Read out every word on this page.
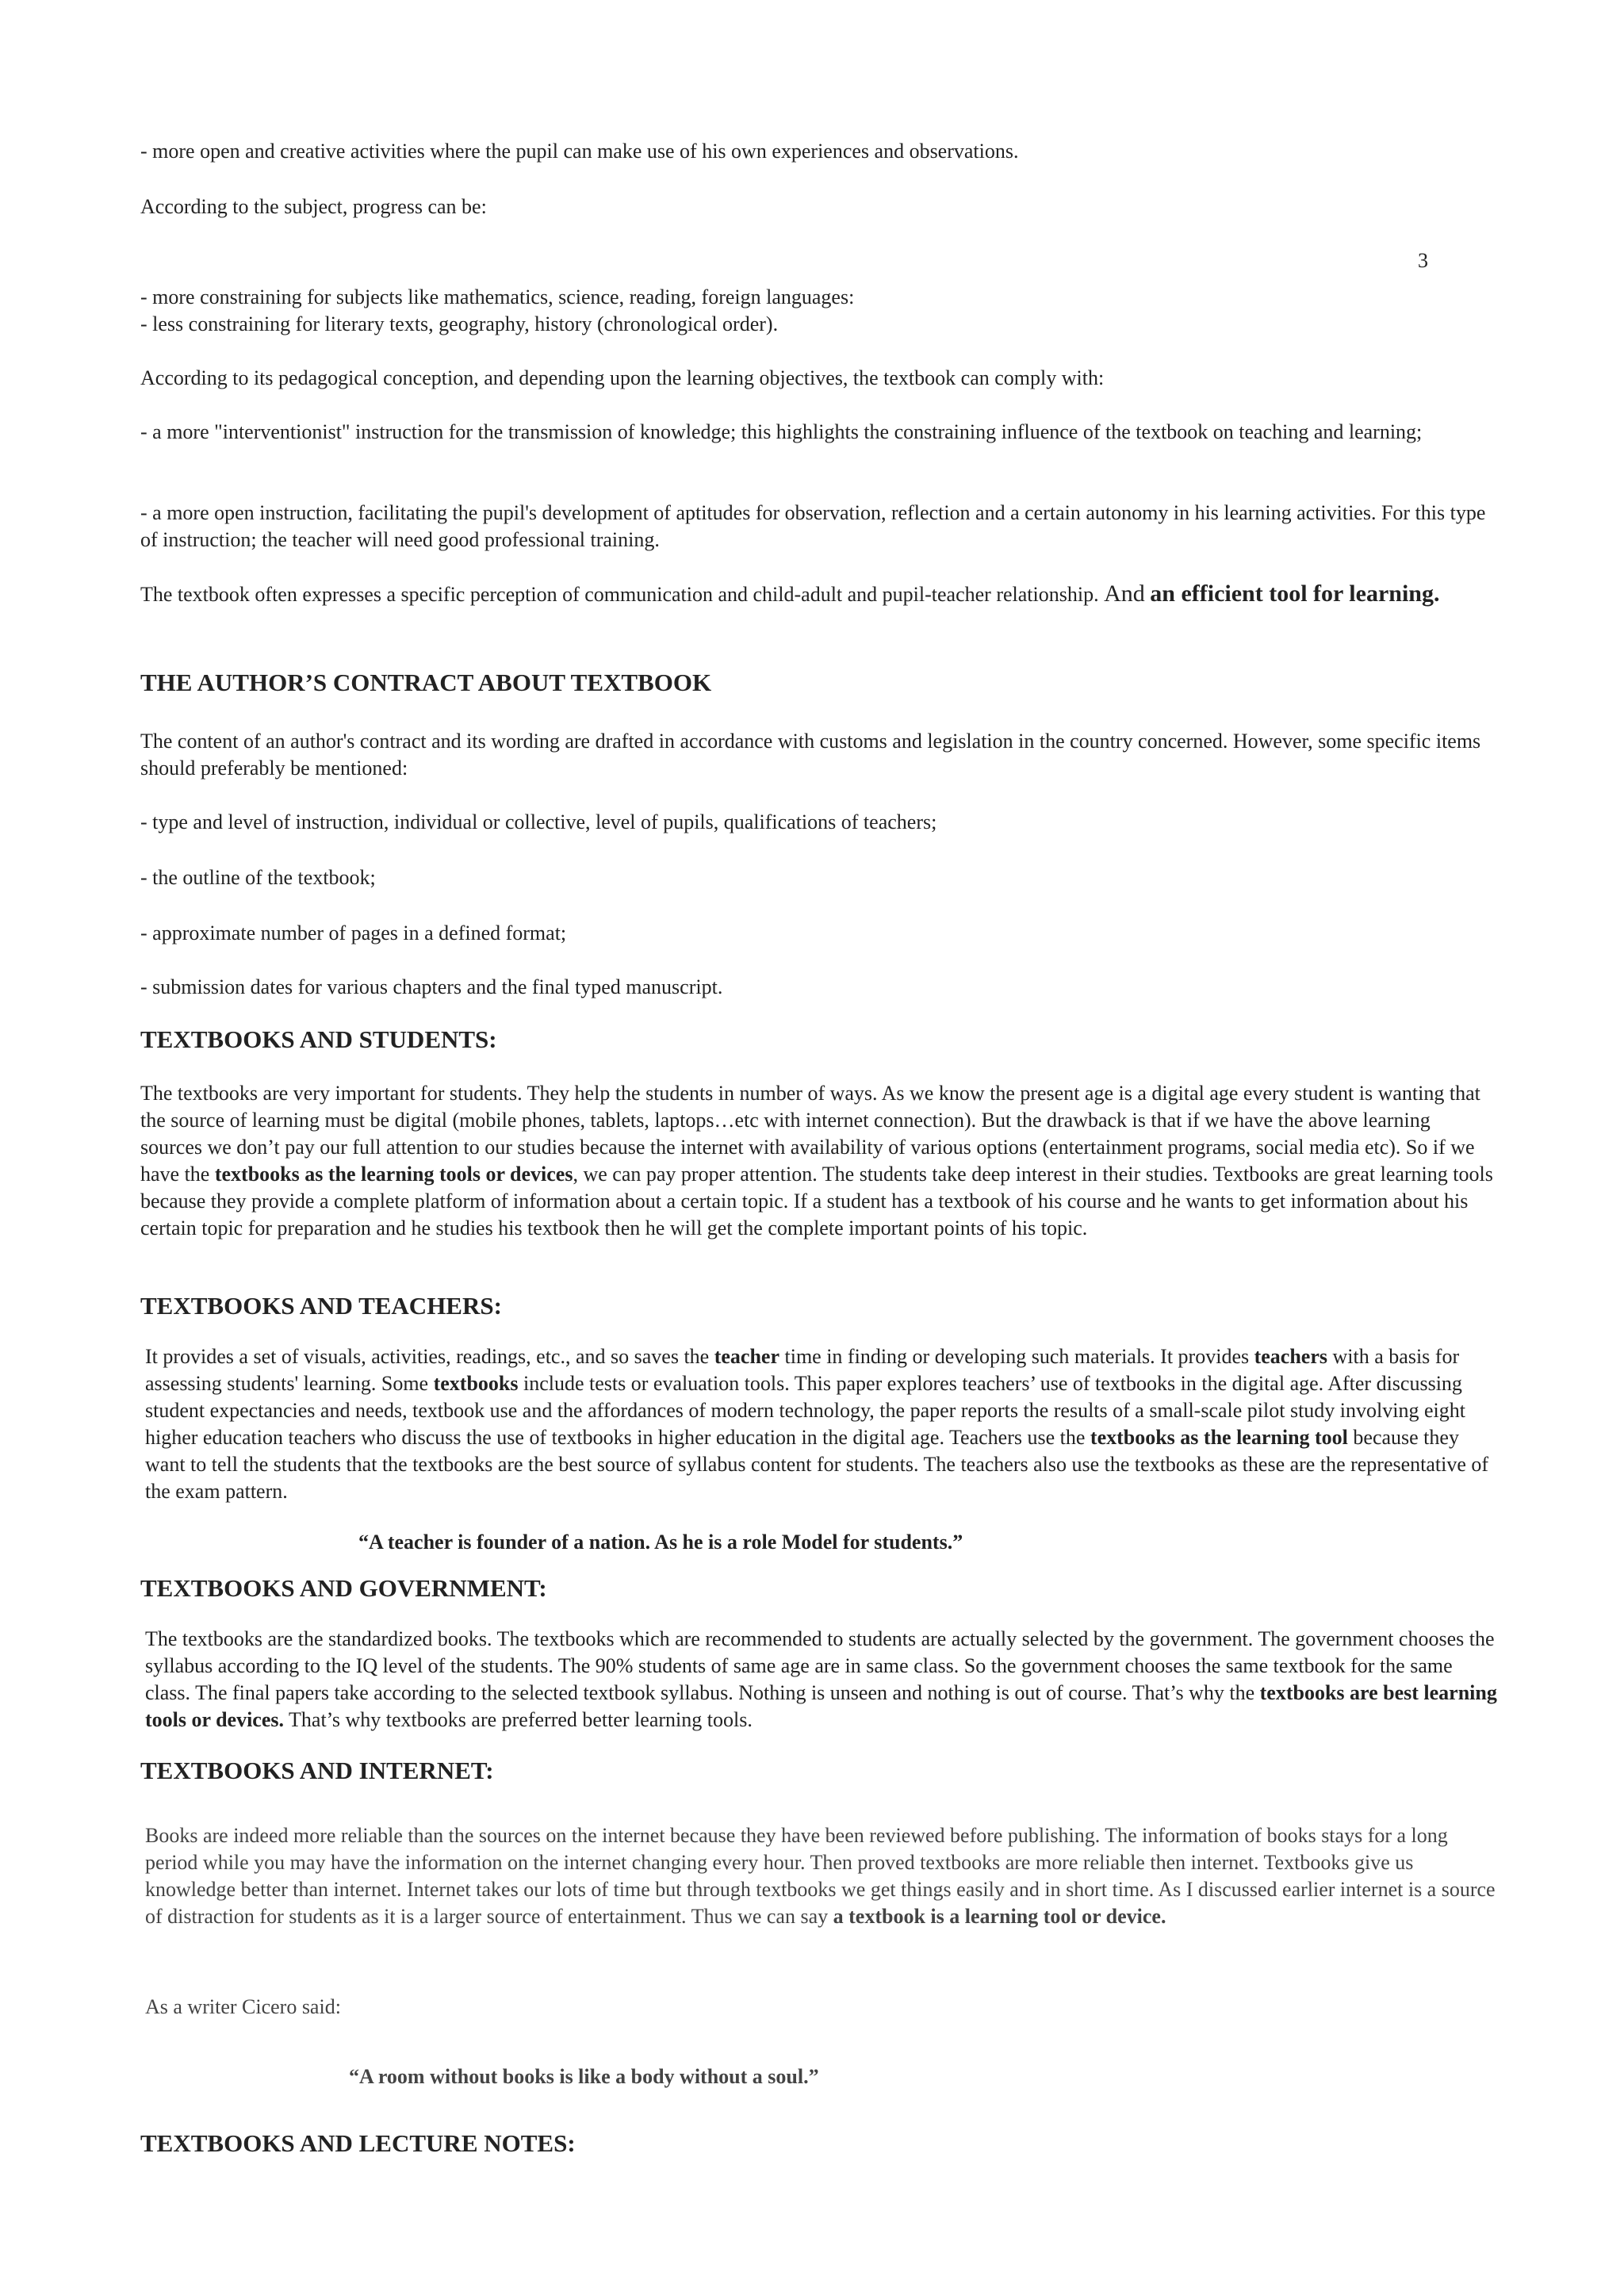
- more open and creative activities where the pupil can make use of his own experiences and observations.

According to the subject, progress can be:

3

- more constraining for subjects like mathematics, science, reading, foreign languages:
- less constraining for literary texts, geography, history (chronological order).

According to its pedagogical conception, and depending upon the learning objectives, the textbook can comply with:

- a more "interventionist" instruction for the transmission of knowledge; this highlights the constraining influence of the textbook on teaching and learning;

- a more open instruction, facilitating the pupil's development of aptitudes for observation, reflection and a certain autonomy in his learning activities. For this type of instruction; the teacher will need good professional training.

The textbook often expresses a specific perception of communication and child-adult and pupil-teacher relationship. And an efficient tool for learning.

THE AUTHOR’S CONTRACT ABOUT TEXTBOOK

The content of an author's contract and its wording are drafted in accordance with customs and legislation in the country concerned. However, some specific items should preferably be mentioned:

- type and level of instruction, individual or collective, level of pupils, qualifications of teachers;

- the outline of the textbook;

- approximate number of pages in a defined format;

- submission dates for various chapters and the final typed manuscript.

TEXTBOOKS AND STUDENTS:

The textbooks are very important for students. They help the students in number of ways. As we know the present age is a digital age every student is wanting that the source of learning must be digital (mobile phones, tablets, laptops…etc with internet connection). But the drawback is that if we have the above learning sources we don’t pay our full attention to our studies because the internet with availability of various options (entertainment programs, social media etc). So if we have the textbooks as the learning tools or devices, we can pay proper attention. The students take deep interest in their studies. Textbooks are great learning tools because they provide a complete platform of information about a certain topic. If a student has a textbook of his course and he wants to get information about his certain topic for preparation and he studies his textbook then he will get the complete important points of his topic.

TEXTBOOKS AND TEACHERS:

It provides a set of visuals, activities, readings, etc., and so saves the teacher time in finding or developing such materials. It provides teachers with a basis for assessing students' learning. Some textbooks include tests or evaluation tools. This paper explores teachers’ use of textbooks in the digital age. After discussing student expectancies and needs, textbook use and the affordances of modern technology, the paper reports the results of a small-scale pilot study involving eight higher education teachers who discuss the use of textbooks in higher education in the digital age. Teachers use the textbooks as the learning tool because they want to tell the students that the textbooks are the best source of syllabus content for students. The teachers also use the textbooks as these are the representative of the exam pattern.

“A teacher is founder of a nation. As he is a role Model for students.”

TEXTBOOKS AND GOVERNMENT:

The textbooks are the standardized books. The textbooks which are recommended to students are actually selected by the government. The government chooses the syllabus according to the IQ level of the students. The 90% students of same age are in same class. So the government chooses the same textbook for the same class. The final papers take according to the selected textbook syllabus. Nothing is unseen and nothing is out of course. That’s why the textbooks are best learning tools or devices. That’s why textbooks are preferred better learning tools.

TEXTBOOKS AND INTERNET:

Books are indeed more reliable than the sources on the internet because they have been reviewed before publishing. The information of books stays for a long period while you may have the information on the internet changing every hour. Then proved textbooks are more reliable then internet. Textbooks give us knowledge better than internet. Internet takes our lots of time but through textbooks we get things easily and in short time. As I discussed earlier internet is a source of distraction for students as it is a larger source of entertainment. Thus we can say a textbook is a learning tool or device.

As a writer Cicero said:

“A room without books is like a body without a soul.”

TEXTBOOKS AND LECTURE NOTES:
